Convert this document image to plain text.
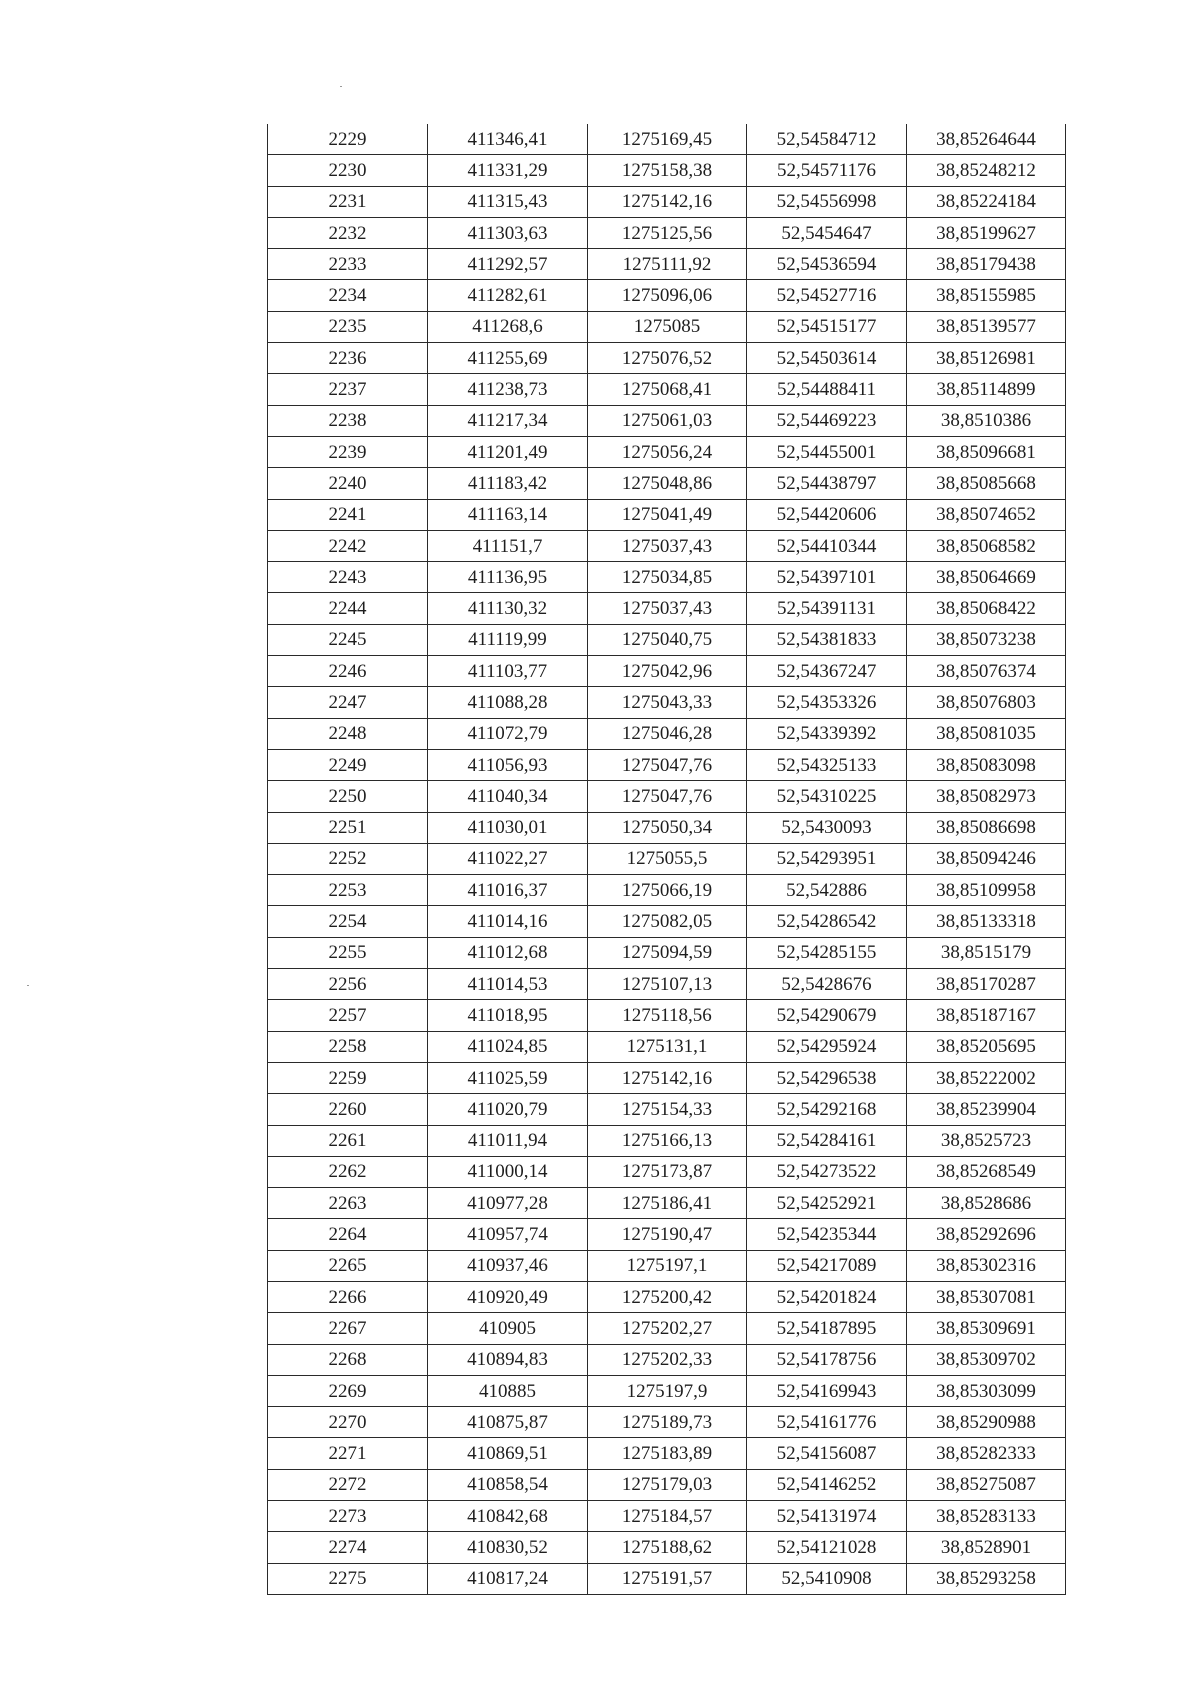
2229	411346,41	1275169,45	52,54584712	38,85264644
2230	411331,29	1275158,38	52,54571176	38,85248212
2231	411315,43	1275142,16	52,54556998	38,85224184
2232	411303,63	1275125,56	52,5454647	38,85199627
2233	411292,57	1275111,92	52,54536594	38,85179438
2234	411282,61	1275096,06	52,54527716	38,85155985
2235	411268,6	1275085	52,54515177	38,85139577
2236	411255,69	1275076,52	52,54503614	38,85126981
2237	411238,73	1275068,41	52,54488411	38,85114899
2238	411217,34	1275061,03	52,54469223	38,8510386
2239	411201,49	1275056,24	52,54455001	38,85096681
2240	411183,42	1275048,86	52,54438797	38,85085668
2241	411163,14	1275041,49	52,54420606	38,85074652
2242	411151,7	1275037,43	52,54410344	38,85068582
2243	411136,95	1275034,85	52,54397101	38,85064669
2244	411130,32	1275037,43	52,54391131	38,85068422
2245	411119,99	1275040,75	52,54381833	38,85073238
2246	411103,77	1275042,96	52,54367247	38,85076374
2247	411088,28	1275043,33	52,54353326	38,85076803
2248	411072,79	1275046,28	52,54339392	38,85081035
2249	411056,93	1275047,76	52,54325133	38,85083098
2250	411040,34	1275047,76	52,54310225	38,85082973
2251	411030,01	1275050,34	52,5430093	38,85086698
2252	411022,27	1275055,5	52,54293951	38,85094246
2253	411016,37	1275066,19	52,542886	38,85109958
2254	411014,16	1275082,05	52,54286542	38,85133318
2255	411012,68	1275094,59	52,54285155	38,8515179
2256	411014,53	1275107,13	52,5428676	38,85170287
2257	411018,95	1275118,56	52,54290679	38,85187167
2258	411024,85	1275131,1	52,54295924	38,85205695
2259	411025,59	1275142,16	52,54296538	38,85222002
2260	411020,79	1275154,33	52,54292168	38,85239904
2261	411011,94	1275166,13	52,54284161	38,8525723
2262	411000,14	1275173,87	52,54273522	38,85268549
2263	410977,28	1275186,41	52,54252921	38,8528686
2264	410957,74	1275190,47	52,54235344	38,85292696
2265	410937,46	1275197,1	52,54217089	38,85302316
2266	410920,49	1275200,42	52,54201824	38,85307081
2267	410905	1275202,27	52,54187895	38,85309691
2268	410894,83	1275202,33	52,54178756	38,85309702
2269	410885	1275197,9	52,54169943	38,85303099
2270	410875,87	1275189,73	52,54161776	38,85290988
2271	410869,51	1275183,89	52,54156087	38,85282333
2272	410858,54	1275179,03	52,54146252	38,85275087
2273	410842,68	1275184,57	52,54131974	38,85283133
2274	410830,52	1275188,62	52,54121028	38,8528901
2275	410817,24	1275191,57	52,5410908	38,85293258
